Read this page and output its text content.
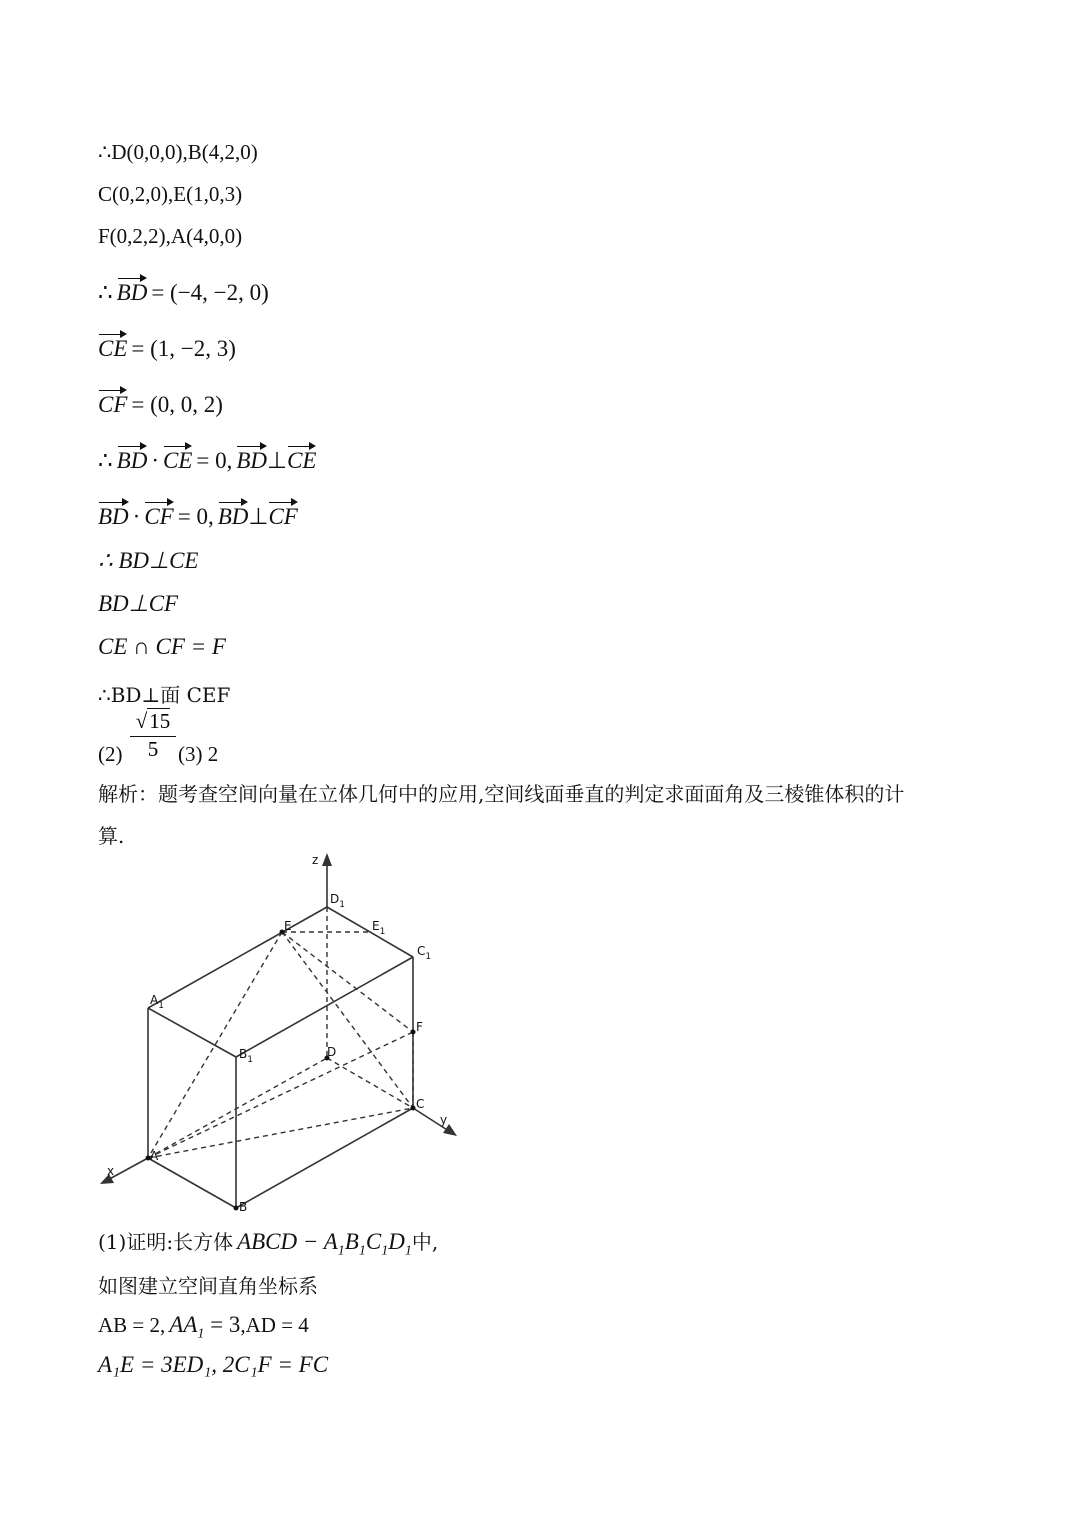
∴D(0,0,0),B(4,2,0)
C(0,2,0),E(1,0,3)
F(0,2,2),A(4,0,0)
∴ BD = (−4, −2, 0)
CE = (1, −2, 3)
CF = (0, 0, 2)
∴ BD · CE = 0, BD⊥CE
BD · CF = 0, BD⊥CF
∴ BD⊥CE
BD⊥CF
CE ∩ CF = F
∴BD⊥面 CEF
$(2) \frac{√15}{5} (3)$ 2
解析：题考查空间向量在立体几何中的应用,空间线面垂直的判定求面面角及三棱锥体积的计
算.
z
y
x
$D_1$
E	$E_1$
$C_1$
$A_1$
$B_1$
F
D
C
A
B
(1)证明:长方体 ABCD − $A_1B_1C_1D_1$中,
如图建立空间直角坐标系
AB = 2, $AA_1 = 3,AD = 4$
A₁E = 3ED₁, 2C₁F = FC
